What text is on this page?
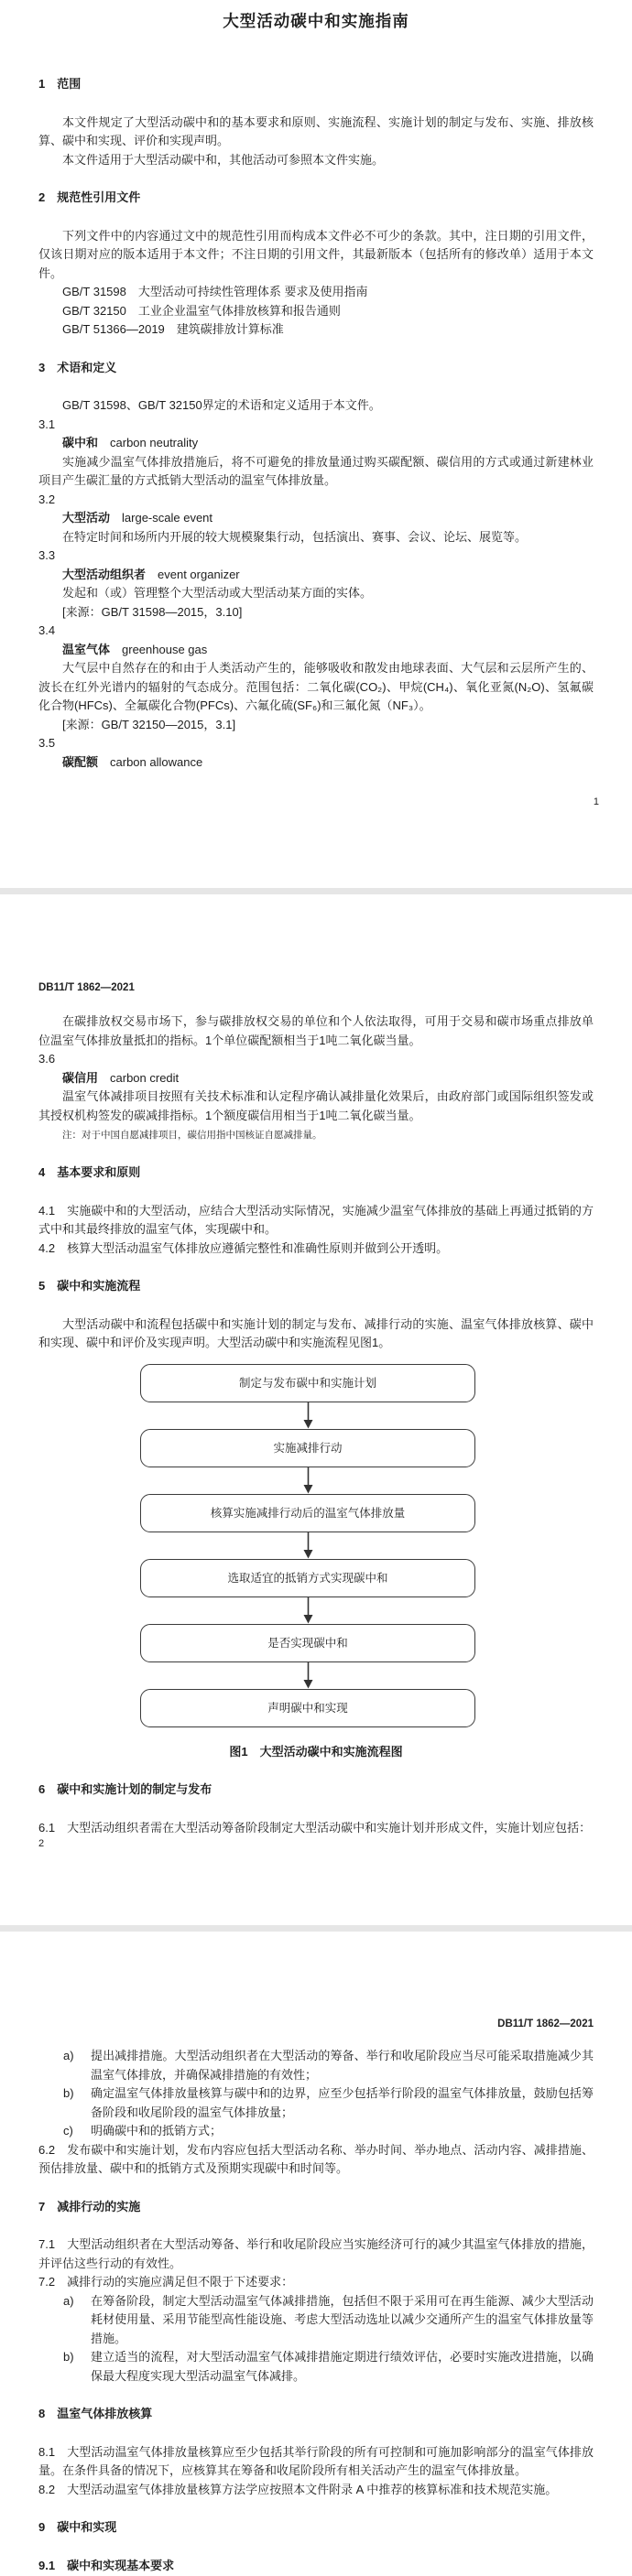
大型活动碳中和实施指南

1　范围

本文件规定了大型活动碳中和的基本要求和原则、实施流程、实施计划的制定与发布、实施、排放核算、碳中和实现、评价和实现声明。

本文件适用于大型活动碳中和，其他活动可参照本文件实施。

2　规范性引用文件

下列文件中的内容通过文中的规范性引用而构成本文件必不可少的条款。其中，注日期的引用文件，仅该日期对应的版本适用于本文件；不注日期的引用文件，其最新版本（包括所有的修改单）适用于本文件。

GB/T 31598　大型活动可持续性管理体系 要求及使用指南

GB/T 32150　工业企业温室气体排放核算和报告通则

GB/T 51366—2019　建筑碳排放计算标准

3　术语和定义

GB/T 31598、GB/T 32150界定的术语和定义适用于本文件。

3.1

碳中和 carbon neutrality

实施减少温室气体排放措施后，将不可避免的排放量通过购买碳配额、碳信用的方式或通过新建林业项目产生碳汇量的方式抵销大型活动的温室气体排放量。

3.2

大型活动 large-scale event

在特定时间和场所内开展的较大规模聚集行动，包括演出、赛事、会议、论坛、展览等。

3.3

大型活动组织者 event organizer

发起和（或）管理整个大型活动或大型活动某方面的实体。

[来源：GB/T 31598—2015，3.10]

3.4

温室气体 greenhouse gas

大气层中自然存在的和由于人类活动产生的，能够吸收和散发由地球表面、大气层和云层所产生的、波长在红外光谱内的辐射的气态成分。范围包括：二氧化碳(CO₂)、甲烷(CH₄)、氧化亚氮(N₂O)、氢氟碳化合物(HFCs)、全氟碳化合物(PFCs)、六氟化硫(SF₆)和三氟化氮（NF₃）。

[来源：GB/T 32150—2015，3.1]

3.5

碳配额 carbon allowance

1
DB11/T 1862—2021

在碳排放权交易市场下，参与碳排放权交易的单位和个人依法取得，可用于交易和碳市场重点排放单位温室气体排放量抵扣的指标。1个单位碳配额相当于1吨二氧化碳当量。

3.6

碳信用 carbon credit

温室气体减排项目按照有关技术标准和认定程序确认减排量化效果后，由政府部门或国际组织签发或其授权机构签发的碳减排指标。1个额度碳信用相当于1吨二氧化碳当量。

注：对于中国自愿减排项目，碳信用指中国核证自愿减排量。

4　基本要求和原则

4.1　实施碳中和的大型活动，应结合大型活动实际情况，实施减少温室气体排放的基础上再通过抵销的方式中和其最终排放的温室气体，实现碳中和。

4.2　核算大型活动温室气体排放应遵循完整性和准确性原则并做到公开透明。

5　碳中和实施流程

大型活动碳中和流程包括碳中和实施计划的制定与发布、减排行动的实施、温室气体排放核算、碳中和实现、碳中和评价及实现声明。大型活动碳中和实施流程见图1。

制定与发布碳中和实施计划
实施减排行动
核算实施减排行动后的温室气体排放量
选取适宜的抵销方式实现碳中和
是否实现碳中和
声明碳中和实现

图1　大型活动碳中和实施流程图

6　碳中和实施计划的制定与发布

6.1　大型活动组织者需在大型活动筹备阶段制定大型活动碳中和实施计划并形成文件，实施计划应包括：

2
DB11/T 1862—2021

a) 提出减排措施。大型活动组织者在大型活动的筹备、举行和收尾阶段应当尽可能采取措施减少其温室气体排放，并确保减排措施的有效性；

b) 确定温室气体排放量核算与碳中和的边界，应至少包括举行阶段的温室气体排放量，鼓励包括筹备阶段和收尾阶段的温室气体排放量；

c) 明确碳中和的抵销方式；

6.2　发布碳中和实施计划，发布内容应包括大型活动名称、举办时间、举办地点、活动内容、减排措施、预估排放量、碳中和的抵销方式及预期实现碳中和时间等。

7　减排行动的实施

7.1　大型活动组织者在大型活动筹备、举行和收尾阶段应当实施经济可行的减少其温室气体排放的措施，并评估这些行动的有效性。

7.2　减排行动的实施应满足但不限于下述要求：

a) 在筹备阶段，制定大型活动温室气体减排措施，包括但不限于采用可在再生能源、减少大型活动耗材使用量、采用节能型高性能设施、考虑大型活动选址以减少交通所产生的温室气体排放量等措施。

b) 建立适当的流程，对大型活动温室气体减排措施定期进行绩效评估，必要时实施改进措施，以确保最大程度实现大型活动温室气体减排。

8　温室气体排放核算

8.1　大型活动温室气体排放量核算应至少包括其举行阶段的所有可控制和可施加影响部分的温室气体排放量。在条件具备的情况下，应核算其在筹备和收尾阶段所有相关活动产生的温室气体排放量。

8.2　大型活动温室气体排放量核算方法学应按照本文件附录 A 中推荐的核算标准和技术规范实施。

9　碳中和实现

9.1　碳中和实现基本要求
